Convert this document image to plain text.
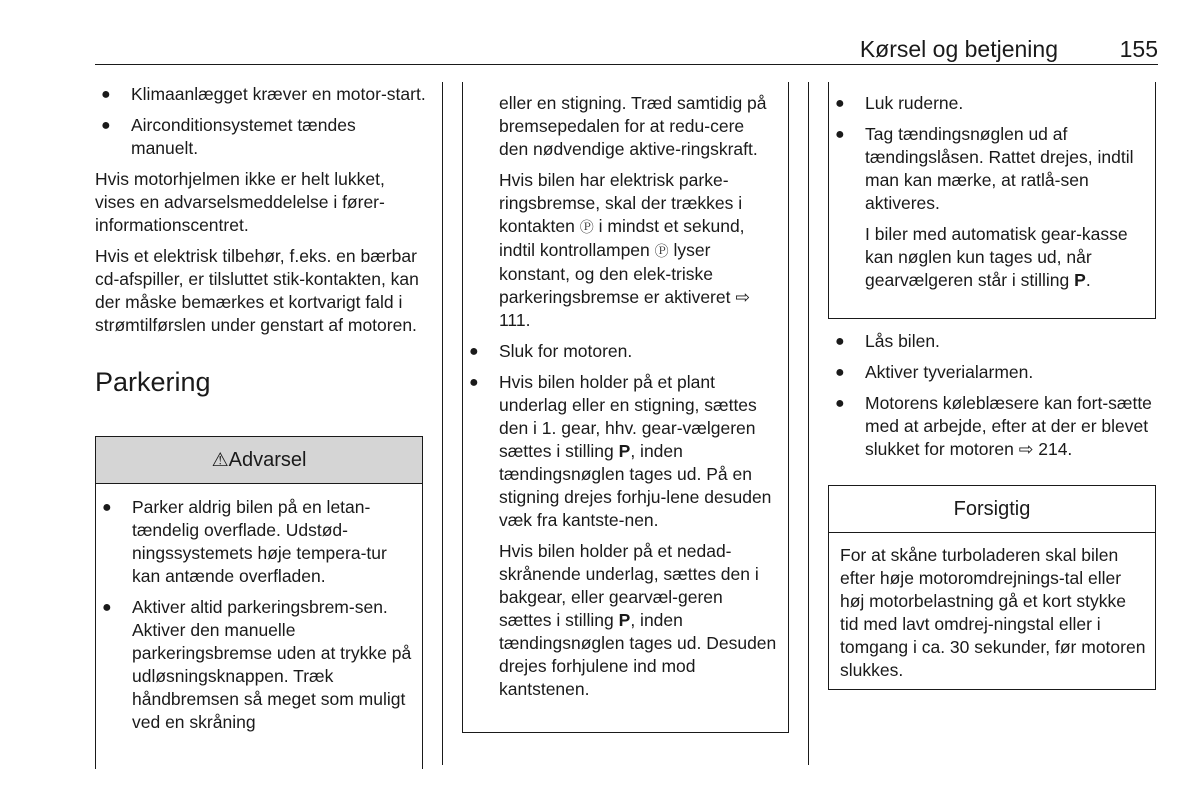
Kørsel og betjening	155
● Klimaanlægget kræver en motor-start.
● Airconditionsystemet tændes manuelt.

Hvis motorhjelmen ikke er helt lukket, vises en advarselsmeddelelse i fører-informationscentret.

Hvis et elektrisk tilbehør, f.eks. en bærbar cd-afspiller, er tilsluttet stik-kontakten, kan der måske bemærkes et kortvarigt fald i strømtilførslen under genstart af motoren.

Parkering
⚠Advarsel
● Parker aldrig bilen på en letan-tændelig overflade. Udstød-ningssystemets høje tempera-tur kan antænde overfladen.
● Aktiver altid parkeringsbrem-sen. Aktiver den manuelle parkeringsbremse uden at trykke på udløsningsknappen. Træk håndbremsen så meget som muligt ved en skråning

eller en stigning. Træd samtidig på bremsepedalen for at redu-cere den nødvendige aktive-ringskraft.

Hvis bilen har elektrisk parke-ringsbremse, skal der trækkes i kontakten Ⓟ i mindst et sekund, indtil kontrollampen Ⓟ lyser konstant, og den elek-triske parkeringsbremse er aktiveret ⇨ 111.

● Sluk for motoren.
● Hvis bilen holder på et plant underlag eller en stigning, sættes den i 1. gear, hhv. gear-vælgeren sættes i stilling P, inden tændingsnøglen tages ud. På en stigning drejes forhju-lene desuden væk fra kantste-nen.

Hvis bilen holder på et nedad-skrånende underlag, sættes den i bakgear, eller gearvæl-geren sættes i stilling P, inden tændingsnøglen tages ud. Desuden drejes forhjulene ind mod kantstenen.

● Luk ruderne.
● Tag tændingsnøglen ud af tændingslåsen. Rattet drejes, indtil man kan mærke, at ratlå-sen aktiveres.

I biler med automatisk gear-kasse kan nøglen kun tages ud, når gearvælgeren står i stilling P.

● Lås bilen.
● Aktiver tyverialarmen.
● Motorens køleblæsere kan fort-sætte med at arbejde, efter at der er blevet slukket for motoren ⇨ 214.
Forsigtig
For at skåne turboladeren skal bilen efter høje motoromdrejnings-tal eller høj motorbelastning gå et kort stykke tid med lavt omdrej-ningstal eller i tomgang i ca. 30 sekunder, før motoren slukkes.
